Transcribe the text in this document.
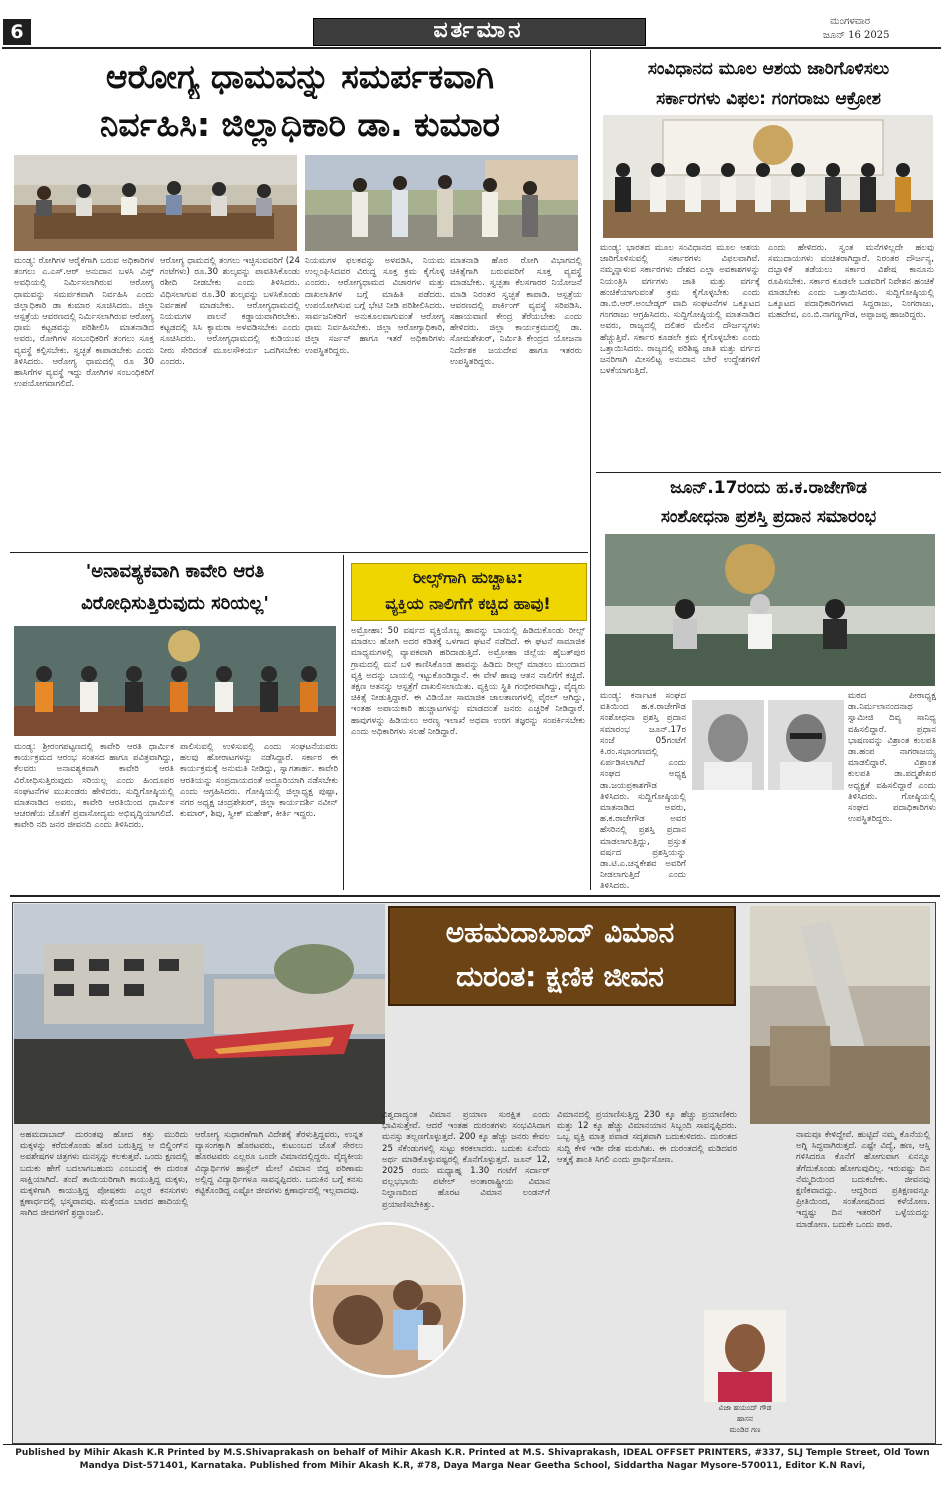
6	ವರ್ತಮಾನ	ಮಂಗಳವಾರ
ಜೂನ್ 16 2025
ಆರೋಗ್ಯ ಧಾಮವನ್ನು ಸಮರ್ಪಕವಾಗಿ
ನಿರ್ವಹಿಸಿ: ಜಿಲ್ಲಾಧಿಕಾರಿ ಡಾ. ಕುಮಾರ
ಮಂಡ್ಯ: ರೋಗಿಗಳ ಆರೈಕೆಗಾಗಿ ಬರುವ ಅಧಿಕಾರಿಗಳ ತಂಗಲು ಎ.ಎಸ್.ಆರ್ ಅನುದಾನ ಬಳಸಿ ವಿಸ್ತ್ ಅವಧಿಯಲ್ಲಿ ನಿರ್ಮಿಸಲಾಗಿರುವ ಆರೋಗ್ಯ ಧಾಮವನ್ನು ಸಮರ್ಪಕವಾಗಿ ನಿರ್ವಹಿಸಿ ಎಂದು ಜಿಲ್ಲಾಧಿಕಾರಿ ಡಾ ಕುಮಾರ ಸೂಚಿಸಿದರು. ಜಿಲ್ಲಾ ಆಸ್ಪತ್ರೆಯ ಆವರಣದಲ್ಲಿ ನಿರ್ಮಿಸಲಾಗಿರುವ ಆರೋಗ್ಯ ಧಾಮ ಕಟ್ಟಡವನ್ನು ಪರಿಶೀಲಿಸಿ ಮಾತನಾಡಿದ ಅವರು, ರೋಗಿಗಳ ಸಂಬಂಧಿಕರಿಗೆ ತಂಗಲು ಸೂಕ್ತ ವ್ಯವಸ್ಥೆ ಕಲ್ಪಿಸಬೇಕು. ಸ್ವಚ್ಛತೆ ಕಾಪಾಡಬೇಕು ಎಂದು ತಿಳಿಸಿದರು. ಆರೋಗ್ಯ ಧಾಮದಲ್ಲಿ ರೂ 30 ಹಾಸಿಗೆಗಳ ವ್ಯವಸ್ಥೆ ಇದ್ದು ರೋಗಿಗಳ ಸಂಬಂಧಿಕರಿಗೆ ಉಪಯೋಗವಾಗಲಿದೆ.
ಆರೋಗ್ಯ ಧಾಮದಲ್ಲಿ ತಂಗಲು ಇಚ್ಛಿಸುವವರಿಗೆ (24 ಗಂಟೆಗಳು) ರೂ.30 ಶುಲ್ಕವನ್ನು ಪಾವತಿಸಿಕೊಂಡು ರಶೀದಿ ನೀಡಬೇಕು ಎಂದು ತಿಳಿಸಿದರು. ವಿಧಿಸಲಾಗುವ ರೂ.30 ಶುಲ್ಕವನ್ನು ಬಳಸಿಕೊಂಡು ನಿರ್ವಹಣೆ ಮಾಡಬೇಕು. ಆರೋಗ್ಯಧಾಮದಲ್ಲಿ ನಿಯಮಗಳ ಪಾಲನೆ ಕಡ್ಡಾಯವಾಗಿರಬೇಕು. ಕಟ್ಟಡದಲ್ಲಿ ಸಿಸಿ ಕ್ಯಾಮರಾ ಅಳವಡಿಸಬೇಕು ಎಂದು ಸೂಚಿಸಿದರು. ಆರೋಗ್ಯಧಾಮದಲ್ಲಿ ಕುಡಿಯುವ ನೀರು ಸೇರಿದಂತೆ ಮೂಲಸೌಕರ್ಯ ಒದಗಿಸಬೇಕು ಎಂದರು.
ನಿಯಮಗಳ ಫಲಕವನ್ನು ಅಳವಡಿಸಿ, ನಿಯಮ ಉಲ್ಲಂಘಿಸಿದವರ ವಿರುದ್ಧ ಸೂಕ್ತ ಕ್ರಮ ಕೈಗೊಳ್ಳಿ ಎಂದರು. ಆರೋಗ್ಯಧಾಮದ ವಿಚಾರಗಳ ಮತ್ತು ದಾಖಲಾತಿಗಳ ಬಗ್ಗೆ ಮಾಹಿತಿ ಪಡೆದರು. ಉಪಯೋಗಿಸುವ ಬಗ್ಗೆ ಭೇಟಿ ನೀಡಿ ಪರಿಶೀಲಿಸಿದರು. ಸಾರ್ವಜನಿಕರಿಗೆ ಅನುಕೂಲವಾಗುವಂತೆ ಆರೋಗ್ಯ ಧಾಮ ನಿರ್ವಹಿಸಬೇಕು. ಜಿಲ್ಲಾ ಆರೋಗ್ಯಾಧಿಕಾರಿ, ಜಿಲ್ಲಾ ಸರ್ಜನ್ ಹಾಗೂ ಇತರೆ ಅಧಿಕಾರಿಗಳು ಉಪಸ್ಥಿತರಿದ್ದರು.
ಮಾತನಾಡಿ ಹೊರ ರೋಗಿ ವಿಭಾಗದಲ್ಲಿ ಚಿಕಿತ್ಸೆಗಾಗಿ ಬರುವವರಿಗೆ ಸೂಕ್ತ ವ್ಯವಸ್ಥೆ ಮಾಡಬೇಕು. ಸ್ವಚ್ಛತಾ ಕೆಲಸಗಾರರ ನಿಯೋಜನೆ ಮಾಡಿ ನಿರಂತರ ಸ್ವಚ್ಛತೆ ಕಾಪಾಡಿ. ಆಸ್ಪತ್ರೆಯ ಆವರಣದಲ್ಲಿ ಪಾರ್ಕಿಂಗ್ ವ್ಯವಸ್ಥೆ ಸರಿಪಡಿಸಿ. ಸಹಾಯವಾಣಿ ಕೇಂದ್ರ ತೆರೆಯಬೇಕು ಎಂದು ಹೇಳಿದರು. ಜಿಲ್ಲಾ ಕಾರ್ಯಕ್ರಮದಲ್ಲಿ ಡಾ. ಸೋಮಶೇಖರ್, ನಿರ್ಮಿತಿ ಕೇಂದ್ರದ ಯೋಜನಾ ನಿರ್ದೇಶಕ ಜಯದೇವ ಹಾಗೂ ಇತರರು ಉಪಸ್ಥಿತರಿದ್ದರು.
ಸಂವಿಧಾನದ ಮೂಲ ಆಶಯ ಜಾರಿಗೊಳಿಸಲು
ಸರ್ಕಾರಗಳು ವಿಫಲ: ಗಂಗರಾಜು ಆಕ್ರೋಶ
ಮಂಡ್ಯ: ಭಾರತದ ಮೂಲ ಸಂವಿಧಾನದ ಮೂಲ ಆಶಯ ಜಾರಿಗೊಳಿಸುವಲ್ಲಿ ಸರ್ಕಾರಗಳು ವಿಫಲವಾಗಿವೆ. ನಮ್ಮನ್ನಾಳುವ ಸರ್ಕಾರಗಳು ದೇಶದ ಎಲ್ಲಾ ಅವಕಾಶಗಳನ್ನು ನಿಯಂತ್ರಿಸಿ ವರ್ಗಗಳು ಜಾತಿ ಮತ್ತು ವರ್ಗಕ್ಕೆ ಹಂಚಿಕೆಯಾಗುವಂತೆ ಕ್ರಮ ಕೈಗೊಳ್ಳಬೇಕು ಎಂದು ಡಾ.ಬಿ.ಆರ್.ಅಂಬೇಡ್ಕರ್ ವಾದಿ ಸಂಘಟನೆಗಳ ಒಕ್ಕೂಟದ ಗಂಗರಾಜು ಆಗ್ರಹಿಸಿದರು. ಸುದ್ದಿಗೋಷ್ಠಿಯಲ್ಲಿ ಮಾತನಾಡಿದ ಅವರು, ರಾಜ್ಯದಲ್ಲಿ ದಲಿತರ ಮೇಲಿನ ದೌರ್ಜನ್ಯಗಳು ಹೆಚ್ಚುತ್ತಿವೆ. ಸರ್ಕಾರ ಕೂಡಲೇ ಕ್ರಮ ಕೈಗೊಳ್ಳಬೇಕು ಎಂದು ಒತ್ತಾಯಿಸಿದರು. ರಾಜ್ಯದಲ್ಲಿ ಪರಿಶಿಷ್ಟ ಜಾತಿ ಮತ್ತು ವರ್ಗದ ಜನರಿಗಾಗಿ ಮೀಸಲಿಟ್ಟ ಅನುದಾನ ಬೇರೆ ಉದ್ದೇಶಗಳಿಗೆ ಬಳಕೆಯಾಗುತ್ತಿದೆ.
ಎಂದು ಹೇಳಿದರು. ಸ್ವಂತ ಮನೆಗಳಿಲ್ಲದೇ ಹಲವು ಸಮುದಾಯಗಳು ವಂಚಿತರಾಗಿದ್ದಾರೆ. ನಿರಂತರ ದೌರ್ಜನ್ಯ, ದಬ್ಬಾಳಿಕೆ ತಡೆಯಲು ಸರ್ಕಾರ ವಿಶೇಷ ಕಾನೂನು ರೂಪಿಸಬೇಕು. ಸರ್ಕಾರ ಕೂಡಲೇ ಬಡವರಿಗೆ ನಿವೇಶನ ಹಂಚಿಕೆ ಮಾಡಬೇಕು ಎಂದು ಒತ್ತಾಯಿಸಿದರು. ಸುದ್ದಿಗೋಷ್ಠಿಯಲ್ಲಿ ಒಕ್ಕೂಟದ ಪದಾಧಿಕಾರಿಗಳಾದ ಸಿದ್ದರಾಜು, ನಿಂಗರಾಜು, ಮಹದೇವ, ಎಂ.ಬಿ.ನಾಗಣ್ಣಗೌಡ, ಅಪ್ಪಾಜಪ್ಪ ಹಾಜರಿದ್ದರು.
ಜೂನ್.17ರಂದು ಹ.ಕ.ರಾಜೇಗೌಡ
ಸಂಶೋಧನಾ ಪ್ರಶಸ್ತಿ ಪ್ರದಾನ ಸಮಾರಂಭ
ಮಂಡ್ಯ: ಕರ್ನಾಟಕ ಸಂಘದ ವತಿಯಿಂದ ಹ.ಕ.ರಾಜೇಗೌಡ ಸಂಶೋಧನಾ ಪ್ರಶಸ್ತಿ ಪ್ರದಾನ ಸಮಾರಂಭ ಜೂನ್.17ರ ಸಂಜೆ 05ಗಂಟೆಗೆ ಕಿ.ರಂ.ಸಭಾಂಗಣದಲ್ಲಿ ಏರ್ಪಡಿಸಲಾಗಿದೆ ಎಂದು ಸಂಘದ ಅಧ್ಯಕ್ಷ ಡಾ.ಜಯಪ್ರಕಾಶಗೌಡ ತಿಳಿಸಿದರು. ಸುದ್ದಿಗೋಷ್ಠಿಯಲ್ಲಿ ಮಾತನಾಡಿದ ಅವರು, ಹ.ಕ.ರಾಜೇಗೌಡ ಅವರ ಹೆಸರಿನಲ್ಲಿ ಪ್ರಶಸ್ತಿ ಪ್ರದಾನ ಮಾಡಲಾಗುತ್ತಿದ್ದು, ಪ್ರಸ್ತುತ ವರ್ಷದ ಪ್ರಶಸ್ತಿಯನ್ನು ಡಾ.ಟಿ.ಎ.ಚನ್ನಕೇಶವ ಅವರಿಗೆ ನೀಡಲಾಗುತ್ತಿದೆ ಎಂದು ತಿಳಿಸಿದರು.
ಮಠದ ಪೀಠಾಧ್ಯಕ್ಷ ಡಾ.ನಿರ್ಮಲಾನಂದನಾಥ ಸ್ವಾಮೀಜಿ ದಿವ್ಯ ಸಾನಿಧ್ಯ ವಹಿಸಲಿದ್ದಾರೆ. ಪ್ರಧಾನ ಭಾಷಣವನ್ನು ವಿಶ್ರಾಂತ ಕುಲಪತಿ ಡಾ.ಹಂಪ ನಾಗರಾಜಯ್ಯ ಮಾಡಲಿದ್ದಾರೆ. ವಿಶ್ರಾಂತ ಕುಲಪತಿ ಡಾ.ಪದ್ಮಶೇಖರ ಅಧ್ಯಕ್ಷತೆ ವಹಿಸಲಿದ್ದಾರೆ ಎಂದು ತಿಳಿಸಿದರು. ಗೋಷ್ಠಿಯಲ್ಲಿ ಸಂಘದ ಪದಾಧಿಕಾರಿಗಳು ಉಪಸ್ಥಿತರಿದ್ದರು.
'ಅನಾವಶ್ಯಕವಾಗಿ ಕಾವೇರಿ ಆರತಿ
ವಿರೋಧಿಸುತ್ತಿರುವುದು ಸರಿಯಲ್ಲ'
ಮಂಡ್ಯ: ಶ್ರೀರಂಗಪಟ್ಟಣದಲ್ಲಿ ಕಾವೇರಿ ಆರತಿ ಧಾರ್ಮಿಕ ಕಾರ್ಯಕ್ರಮದ ಆರಂಭ ಸಂತಸದ ಹಾಗೂ ಪವಿತ್ರವಾಗಿದ್ದು, ಕೆಲವರು ಅನಾವಶ್ಯಕವಾಗಿ ಕಾವೇರಿ ಆರತಿ ವಿರೋಧಿಸುತ್ತಿರುವುದು ಸರಿಯಲ್ಲ ಎಂದು ಹಿಂದೂಪರ ಸಂಘಟನೆಗಳ ಮುಖಂಡರು ಹೇಳಿದರು. ಸುದ್ದಿಗೋಷ್ಠಿಯಲ್ಲಿ ಮಾತನಾಡಿದ ಅವರು, ಕಾವೇರಿ ಆರತಿಯಿಂದ ಧಾರ್ಮಿಕ ಆಚರಣೆಯ ಜೊತೆಗೆ ಪ್ರವಾಸೋದ್ಯಮ ಅಭಿವೃದ್ಧಿಯಾಗಲಿದೆ. ಕಾವೇರಿ ನದಿ ಜನರ ಜೀವನದಿ ಎಂದು ತಿಳಿಸಿದರು.
ಪಾಲಿಸುವಲ್ಲಿ ಉಳಿಸುವಲ್ಲಿ ಎಂದು ಸಂಘಟನೆಯವರು ಹಲವು ಹೋರಾಟಗಳನ್ನು ನಡೆಸಿದ್ದಾರೆ. ಸರ್ಕಾರ ಈ ಕಾರ್ಯಕ್ರಮಕ್ಕೆ ಅನುಮತಿ ನೀಡಿದ್ದು, ಸ್ವಾಗತಾರ್ಹ. ಕಾವೇರಿ ಆರತಿಯನ್ನು ಸಂಪ್ರದಾಯದಂತೆ ಅದ್ಧೂರಿಯಾಗಿ ನಡೆಸಬೇಕು ಎಂದು ಆಗ್ರಹಿಸಿದರು. ಗೋಷ್ಠಿಯಲ್ಲಿ ಜಿಲ್ಲಾಧ್ಯಕ್ಷ ಪುಷ್ಪಾ, ನಗರ ಅಧ್ಯಕ್ಷ ಚಂದ್ರಶೇಖರ್, ಜಿಲ್ಲಾ ಕಾರ್ಯದರ್ಶಿ ನವೀನ್ ಕುಮಾರ್, ಶಿವು, ಸ್ವೀಕ್ ಮಹೇಶ್, ಕೀರ್ತಿ ಇದ್ದರು.
ರೀಲ್ಸ್‌ಗಾಗಿ ಹುಚ್ಚಾಟ:
ವ್ಯಕ್ತಿಯ ನಾಲಿಗೆಗೆ ಕಚ್ಚಿದ ಹಾವು!
ಅಮ್ರೋಹಾ: 50 ವರ್ಷದ ವ್ಯಕ್ತಿಯೊಬ್ಬ ಹಾವನ್ನು ಬಾಯಲ್ಲಿ ಹಿಡಿದುಕೊಂಡು ರೀಲ್ಸ್ ಮಾಡಲು ಹೋಗಿ ಅದರ ಕಡಿತಕ್ಕೆ ಒಳಗಾದ ಘಟನೆ ನಡೆದಿದೆ. ಈ ಘಟನೆ ಸಾಮಾಜಿಕ ಮಾಧ್ಯಮಗಳಲ್ಲಿ ವ್ಯಾಪಕವಾಗಿ ಹರಿದಾಡುತ್ತಿದೆ. ಅಮ್ರೋಹಾ ಜಿಲ್ಲೆಯ ಹೈಬತ್‌ಪುರ ಗ್ರಾಮದಲ್ಲಿ ಮನೆ ಬಳಿ ಕಾಣಿಸಿಕೊಂಡ ಹಾವನ್ನು ಹಿಡಿದು ರೀಲ್ಸ್ ಮಾಡಲು ಮುಂದಾದ ವ್ಯಕ್ತಿ ಅದನ್ನು ಬಾಯಲ್ಲಿ ಇಟ್ಟುಕೊಂಡಿದ್ದಾನೆ. ಈ ವೇಳೆ ಹಾವು ಆತನ ನಾಲಿಗೆಗೆ ಕಚ್ಚಿದೆ. ತಕ್ಷಣ ಆತನನ್ನು ಆಸ್ಪತ್ರೆಗೆ ದಾಖಲಿಸಲಾಯಿತು. ವ್ಯಕ್ತಿಯ ಸ್ಥಿತಿ ಗಂಭೀರವಾಗಿದ್ದು, ವೈದ್ಯರು ಚಿಕಿತ್ಸೆ ನೀಡುತ್ತಿದ್ದಾರೆ. ಈ ವಿಡಿಯೋ ಸಾಮಾಜಿಕ ಜಾಲತಾಣಗಳಲ್ಲಿ ವೈರಲ್ ಆಗಿದ್ದು, ಇಂತಹ ಅಪಾಯಕಾರಿ ಹುಚ್ಚಾಟಗಳನ್ನು ಮಾಡದಂತೆ ಜನರು ಎಚ್ಚರಿಕೆ ನೀಡಿದ್ದಾರೆ. ಹಾವುಗಳನ್ನು ಹಿಡಿಯಲು ಅರಣ್ಯ ಇಲಾಖೆ ಅಥವಾ ಉರಗ ತಜ್ಞರನ್ನು ಸಂಪರ್ಕಿಸಬೇಕು ಎಂದು ಅಧಿಕಾರಿಗಳು ಸಲಹೆ ನೀಡಿದ್ದಾರೆ.
ಅಹಮದಾಬಾದ್ ವಿಮಾನ
ದುರಂತ: ಕ್ಷಣಿಕ ಜೀವನ
ಅಹಮದಾಬಾದ್ ದುರಂತವು ಹೋದ ಕತ್ತು ಮುರಿದು ಮಕ್ಕಳನ್ನು ಕರೆದುಕೊಂಡು ಹೊರ ಬರುತ್ತಿದ್ದ ಆ ಬಿಲ್ಡಿಂಗ್‌ನ ಅವಶೇಷಗಳ ಚಿತ್ರಗಳು ಮನಸ್ಸನ್ನು ಕಲಕುತ್ತವೆ. ಒಂದು ಕ್ಷಣದಲ್ಲಿ ಬದುಕು ಹೇಗೆ ಬದಲಾಗಬಹುದು ಎಂಬುದಕ್ಕೆ ಈ ದುರಂತ ಸಾಕ್ಷಿಯಾಗಿದೆ. ತಂದೆ ತಾಯಿಯರಿಗಾಗಿ ಕಾಯುತ್ತಿದ್ದ ಮಕ್ಕಳು, ಮಕ್ಕಳಿಗಾಗಿ ಕಾಯುತ್ತಿದ್ದ ಪೋಷಕರು ಎಲ್ಲರ ಕನಸುಗಳು ಕ್ಷಣಾರ್ಧದಲ್ಲಿ ಭಸ್ಮವಾದವು. ಮತ್ತೆಂದೂ ಬಾರದ ಹಾದಿಯಲ್ಲಿ ಸಾಗಿದ ಜೀವಗಳಿಗೆ ಶ್ರದ್ಧಾಂಜಲಿ.
ಆರೋಗ್ಯ ಸುಧಾರಣೆಗಾಗಿ ವಿದೇಶಕ್ಕೆ ತೆರಳುತ್ತಿದ್ದವರು, ಉನ್ನತ ವ್ಯಾಸಂಗಕ್ಕಾಗಿ ಹೊರಟವರು, ಕುಟುಂಬದ ಜೊತೆ ಸೇರಲು ಹೊರಟವರು ಎಲ್ಲರೂ ಒಂದೇ ವಿಮಾನದಲ್ಲಿದ್ದರು. ವೈದ್ಯಕೀಯ ವಿದ್ಯಾರ್ಥಿಗಳ ಹಾಸ್ಟೆಲ್ ಮೇಲೆ ವಿಮಾನ ಬಿದ್ದ ಪರಿಣಾಮ ಅಲ್ಲಿದ್ದ ವಿದ್ಯಾರ್ಥಿಗಳೂ ಸಾವನ್ನಪ್ಪಿದರು. ಬದುಕಿನ ಬಗ್ಗೆ ಕನಸು ಕಟ್ಟಿಕೊಂಡಿದ್ದ ಎಷ್ಟೋ ಜೀವಗಳು ಕ್ಷಣಾರ್ಧದಲ್ಲಿ ಇಲ್ಲವಾದವು.
ವಿಶ್ವದಾದ್ಯಂತ ವಿಮಾನ ಪ್ರಯಾಣ ಸುರಕ್ಷಿತ ಎಂದು ಭಾವಿಸುತ್ತೇವೆ. ಆದರೆ ಇಂತಹ ದುರಂತಗಳು ಸಂಭವಿಸಿದಾಗ ಮನಸ್ಸು ತಲ್ಲಣಗೊಳ್ಳುತ್ತದೆ. 200 ಕ್ಕೂ ಹೆಚ್ಚು ಜನರು ಕೇವಲ 25 ಸೆಕೆಂಡುಗಳಲ್ಲಿ ಸುಟ್ಟು ಕರಕಲಾದರು. ಬದುಕು ಏನೆಂದು ಅರ್ಥ ಮಾಡಿಕೊಳ್ಳುವಷ್ಟರಲ್ಲಿ ಕೊನೆಗೊಳ್ಳುತ್ತದೆ. ಜೂನ್ 12, 2025 ರಂದು ಮಧ್ಯಾಹ್ನ 1.30 ಗಂಟೆಗೆ ಸರ್ದಾರ್ ವಲ್ಲಭಭಾಯಿ ಪಟೇಲ್ ಅಂತಾರಾಷ್ಟ್ರೀಯ ವಿಮಾನ ನಿಲ್ದಾಣದಿಂದ ಹೊರಟ ವಿಮಾನ ಲಂಡನ್‌ಗೆ ಪ್ರಯಾಣಿಸಬೇಕಿತ್ತು.
ವಿಮಾನದಲ್ಲಿ ಪ್ರಯಾಣಿಸುತ್ತಿದ್ದ 230 ಕ್ಕೂ ಹೆಚ್ಚು ಪ್ರಯಾಣಿಕರು ಮತ್ತು 12 ಕ್ಕೂ ಹೆಚ್ಚು ವಿಮಾನಯಾನ ಸಿಬ್ಬಂದಿ ಸಾವನ್ನಪ್ಪಿದರು. ಒಬ್ಬ ವ್ಯಕ್ತಿ ಮಾತ್ರ ಪವಾಡ ಸದೃಶವಾಗಿ ಬದುಕುಳಿದರು. ದುರಂತದ ಸುದ್ದಿ ಕೇಳಿ ಇಡೀ ದೇಶ ಮರುಗಿತು. ಈ ದುರಂತದಲ್ಲಿ ಮಡಿದವರ ಆತ್ಮಕ್ಕೆ ಶಾಂತಿ ಸಿಗಲಿ ಎಂದು ಪ್ರಾರ್ಥಿಸೋಣ.
ವಿಜಾ ಹಯಂದ್ ಗೌಡ
ಹಾಸನ
ಮಂಡಿರ ಗಣ
ನಾಮವೂ ಕೇಳಿದ್ದೇವೆ. ಹುಟ್ಟಿದೆ ನಮ್ಮ ಕೊನೆಯಲ್ಲಿ ಅಗ್ನಿ ಸಿದ್ಧವಾಗಿರುತ್ತದೆ. ಎಷ್ಟೇ ವಿದ್ಯೆ, ಹಣ, ಆಸ್ತಿ ಗಳಿಸಿದರೂ ಕೊನೆಗೆ ಹೋಗುವಾಗ ಏನನ್ನೂ ತೆಗೆದುಕೊಂಡು ಹೋಗುವುದಿಲ್ಲ. ಇರುವಷ್ಟು ದಿನ ನೆಮ್ಮದಿಯಿಂದ ಬದುಕಬೇಕು. ಜೀವನವು ಕ್ಷಣಿಕವಾದದ್ದು. ಆದ್ದರಿಂದ ಪ್ರತಿಕ್ಷಣವನ್ನೂ ಪ್ರೀತಿಯಿಂದ, ಸಂತೋಷದಿಂದ ಕಳೆಯೋಣ. ಇದ್ದಷ್ಟು ದಿನ ಇತರರಿಗೆ ಒಳ್ಳೆಯದನ್ನು ಮಾಡೋಣ. ಬದುಕೇ ಒಂದು ಪಾಠ.
Published by Mihir Akash K.R Printed by M.S.Shivaprakash on behalf of Mihir Akash K.R. Printed at M.S. Shivaprakash, IDEAL OFFSET PRINTERS, #337, SLJ Temple Street, Old Town
Mandya Dist-571401, Karnataka. Published from Mihir Akash K.R, #78, Daya Marga Near Geetha School, Siddartha Nagar Mysore-570011, Editor K.N Ravi,
